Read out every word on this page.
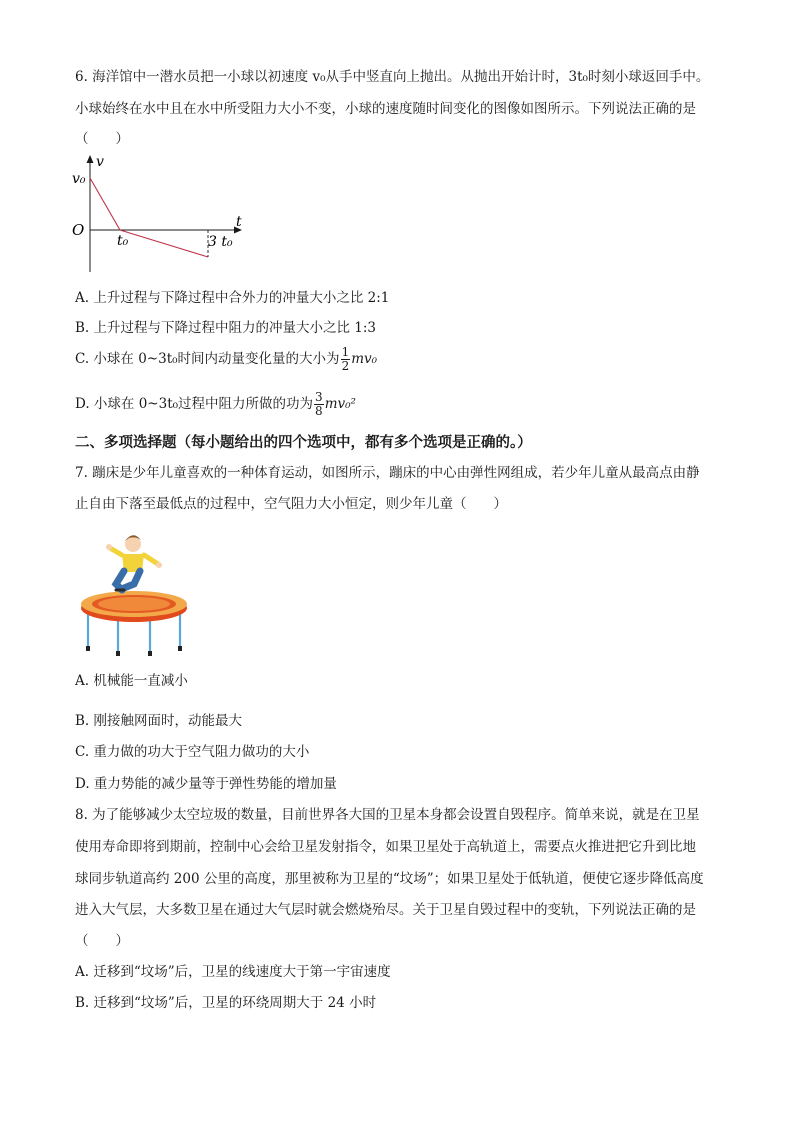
6. 海洋馆中一潜水员把一小球以初速度 v₀从手中竖直向上抛出。从抛出开始计时，3t₀时刻小球返回手中。
小球始终在水中且在水中所受阻力大小不变，小球的速度随时间变化的图像如图所示。下列说法正确的是
（　　）
v
t
O
v₀
t₀	3 t₀
A. 上升过程与下降过程中合外力的冲量大小之比 2:1
B. 上升过程与下降过程中阻力的冲量大小之比 1:3
C. 小球在 0~3t₀时间内动量变化量的大小为 $\frac{1}{2} mv_0$
D. 小球在 0~3t₀过程中阻力所做的功为 $\frac{3}{8} mv_0^2$
二、多项选择题（每小题给出的四个选项中，都有多个选项是正确的。）
7. 蹦床是少年儿童喜欢的一种体育运动，如图所示，蹦床的中心由弹性网组成，若少年儿童从最高点由静
止自由下落至最低点的过程中，空气阻力大小恒定，则少年儿童（　　）
A. 机械能一直减小
B. 刚接触网面时，动能最大
C. 重力做的功大于空气阻力做功的大小
D. 重力势能的减少量等于弹性势能的增加量
8. 为了能够减少太空垃圾的数量，目前世界各大国的卫星本身都会设置自毁程序。简单来说，就是在卫星
使用寿命即将到期前，控制中心会给卫星发射指令，如果卫星处于高轨道上，需要点火推进把它升到比地
球同步轨道高约 200 公里的高度，那里被称为卫星的“坟场”；如果卫星处于低轨道，便使它逐步降低高度
进入大气层，大多数卫星在通过大气层时就会燃烧殆尽。关于卫星自毁过程中的变轨，下列说法正确的是
（　　）
A. 迁移到“坟场”后，卫星的线速度大于第一宇宙速度
B. 迁移到“坟场”后，卫星的环绕周期大于 24 小时
